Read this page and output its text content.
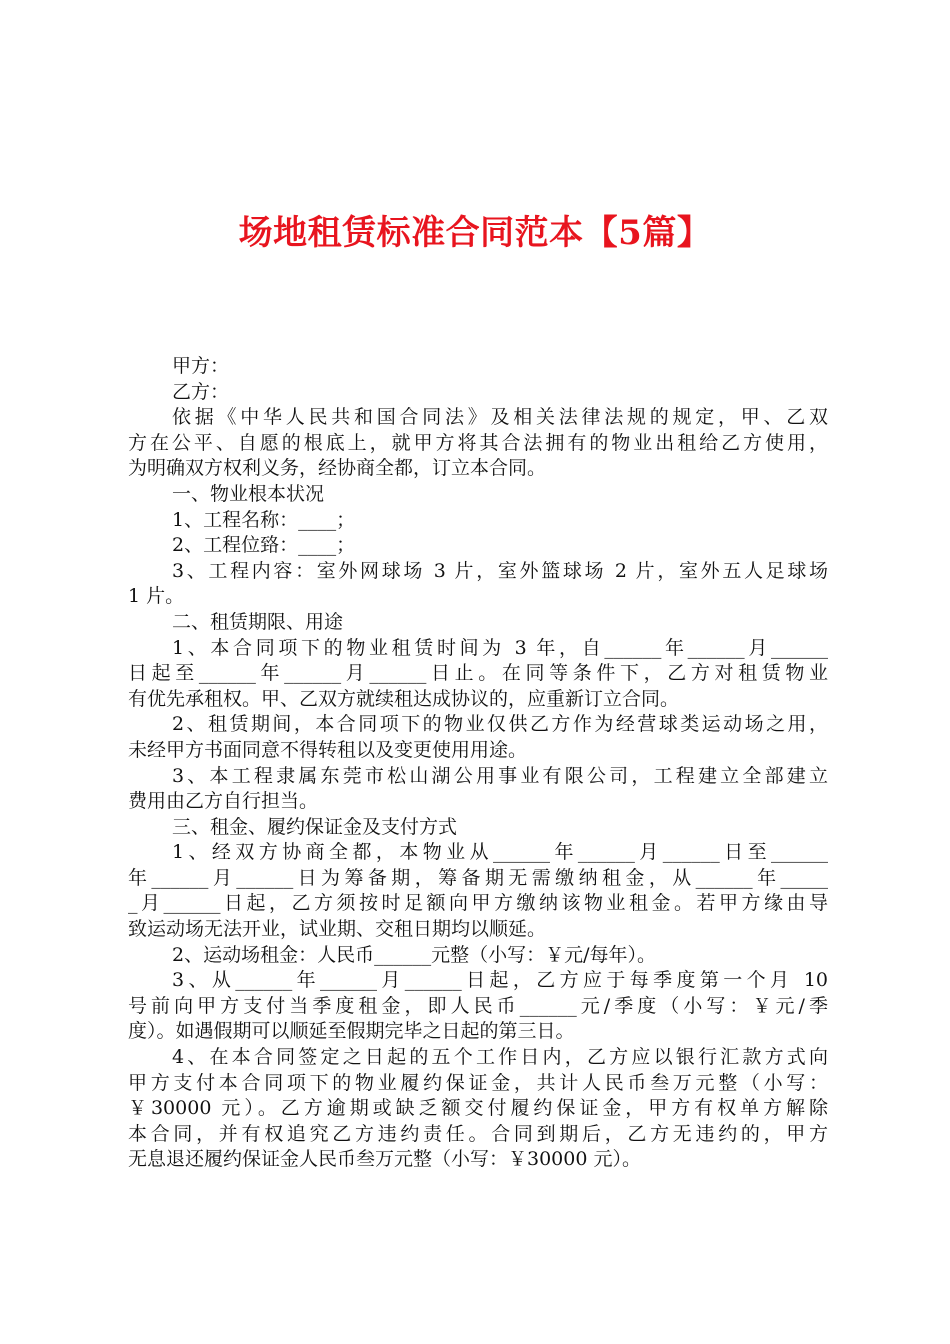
场地租赁标准合同范本【5篇】
甲方：
乙方：
依据《中华人民共和国合同法》及相关法律法规的规定，甲、乙双
方在公平、自愿的根底上，就甲方将其合法拥有的物业出租给乙方使用，
为明确双方权利义务，经协商全都，订立本合同。
一、物业根本状况
1、工程名称：____；
2、工程位臵：____；
3、工程内容：室外网球场 3 片，室外篮球场 2 片，室外五人足球场
1 片。
二、租赁期限、用途
1、本合同项下的物业租赁时间为 3 年，自______年______月______
日起至______年______月______日止。在同等条件下，乙方对租赁物业
有优先承租权。甲、乙双方就续租达成协议的，应重新订立合同。
2、租赁期间，本合同项下的物业仅供乙方作为经营球类运动场之用，
未经甲方书面同意不得转租以及变更使用用途。
3、本工程隶属东莞市松山湖公用事业有限公司，工程建立全部建立
费用由乙方自行担当。
三、租金、履约保证金及支付方式
1、经双方协商全都，本物业从______年______月______日至______
年______月______日为筹备期，筹备期无需缴纳租金，从______年_____
_月______日起，乙方须按时足额向甲方缴纳该物业租金。若甲方缘由导
致运动场无法开业，试业期、交租日期均以顺延。
2、运动场租金：人民币______元整（小写：￥元/每年）。
3、从______年______月______日起，乙方应于每季度第一个月 10
号前向甲方支付当季度租金，即人民币______元/季度（小写：￥元/季
度）。如遇假期可以顺延至假期完毕之日起的第三日。
4、在本合同签定之日起的五个工作日内，乙方应以银行汇款方式向
甲方支付本合同项下的物业履约保证金，共计人民币叁万元整（小写：
￥30000 元）。乙方逾期或缺乏额交付履约保证金，甲方有权单方解除
本合同，并有权追究乙方违约责任。合同到期后，乙方无违约的，甲方
无息退还履约保证金人民币叁万元整（小写：￥30000 元）。
